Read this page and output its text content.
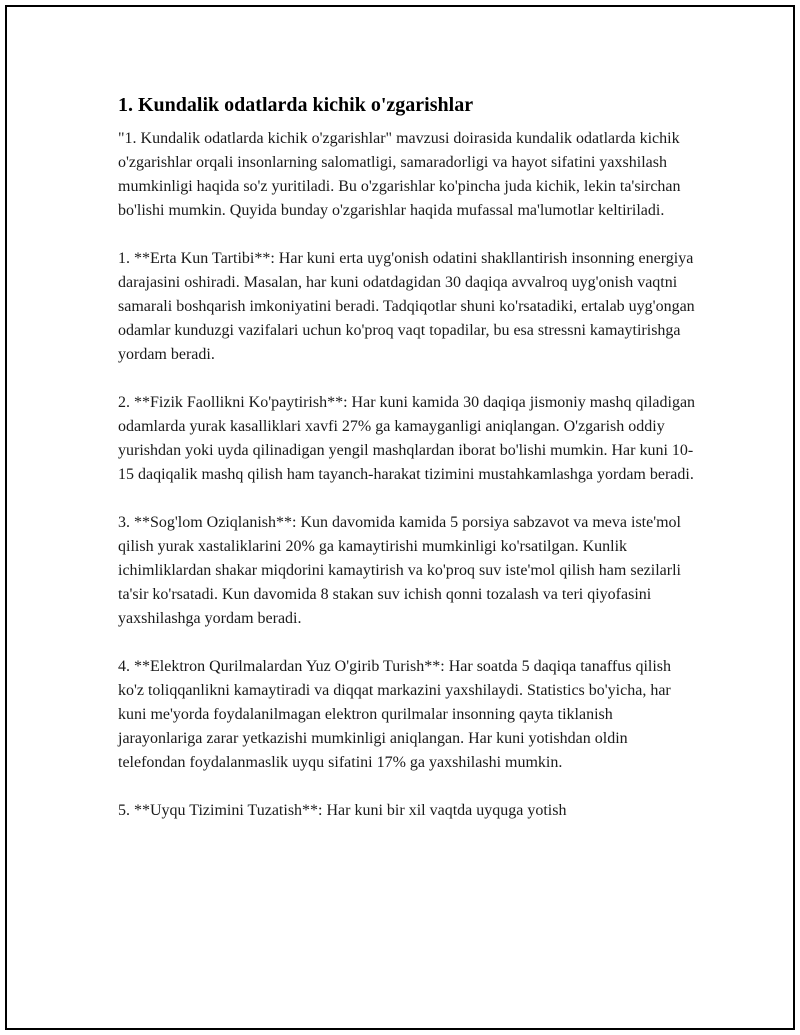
1. Kundalik odatlarda kichik o'zgarishlar

"1. Kundalik odatlarda kichik o'zgarishlar" mavzusi doirasida kundalik odatlarda kichik o'zgarishlar orqali insonlarning salomatligi, samaradorligi va hayot sifatini yaxshilash mumkinligi haqida so'z yuritiladi. Bu o'zgarishlar ko'pincha juda kichik, lekin ta'sirchan bo'lishi mumkin. Quyida bunday o'zgarishlar haqida mufassal ma'lumotlar keltiriladi.

1. **Erta Kun Tartibi**: Har kuni erta uyg'onish odatini shakllantirish insonning energiya darajasini oshiradi. Masalan, har kuni odatdagidan 30 daqiqa avvalroq uyg'onish vaqtni samarali boshqarish imkoniyatini beradi. Tadqiqotlar shuni ko'rsatadiki, ertalab uyg'ongan odamlar kunduzgi vazifalari uchun ko'proq vaqt topadilar, bu esa stressni kamaytirishga yordam beradi.

2. **Fizik Faollikni Ko'paytirish**: Har kuni kamida 30 daqiqa jismoniy mashq qiladigan odamlarda yurak kasalliklari xavfi 27% ga kamayganligi aniqlangan. O'zgarish oddiy yurishdan yoki uyda qilinadigan yengil mashqlardan iborat bo'lishi mumkin. Har kuni 10-15 daqiqalik mashq qilish ham tayanch-harakat tizimini mustahkamlashga yordam beradi.

3. **Sog'lom Oziqlanish**: Kun davomida kamida 5 porsiya sabzavot va meva iste'mol qilish yurak xastaliklarini 20% ga kamaytirishi mumkinligi ko'rsatilgan. Kunlik ichimliklardan shakar miqdorini kamaytirish va ko'proq suv iste'mol qilish ham sezilarli ta'sir ko'rsatadi. Kun davomida 8 stakan suv ichish qonni tozalash va teri qiyofasini yaxshilashga yordam beradi.

4. **Elektron Qurilmalardan Yuz O'girib Turish**: Har soatda 5 daqiqa tanaffus qilish ko'z toliqqanlikni kamaytiradi va diqqat markazini yaxshilaydi. Statistics bo'yicha, har kuni me'yorda foydalanilmagan elektron qurilmalar insonning qayta tiklanish jarayonlariga zarar yetkazishi mumkinligi aniqlangan. Har kuni yotishdan oldin telefondan foydalanmaslik uyqu sifatini 17% ga yaxshilashi mumkin.

5. **Uyqu Tizimini Tuzatish**: Har kuni bir xil vaqtda uyquga yotish
